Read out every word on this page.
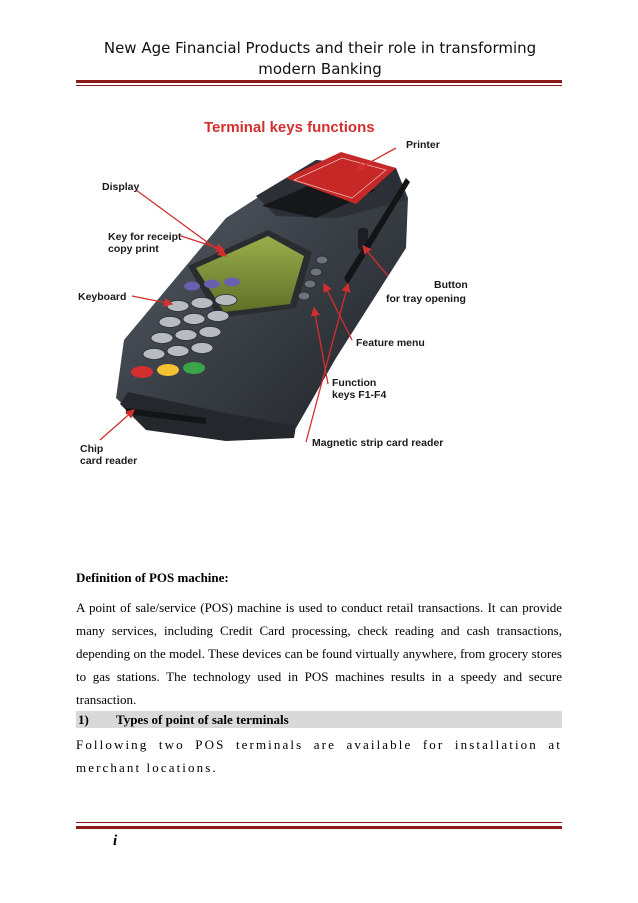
New Age Financial Products and their role in transforming
modern Banking
Terminal keys functions
Display
Printer
Key for receipt
copy print
Keyboard
Button
for tray opening
Feature menu
Function
keys F1-F4
Chip
card reader
Magnetic strip card reader
Definition of POS machine:
A point of sale/service (POS) machine is used to conduct retail transactions. It can provide many services, including Credit Card processing, check reading and cash transactions, depending on the model. These devices can be found virtually anywhere, from grocery stores to gas stations. The technology used in POS machines results in a speedy and secure transaction.
1) Types of point of sale terminals
Following two POS terminals are available for installation at merchant locations.
i
